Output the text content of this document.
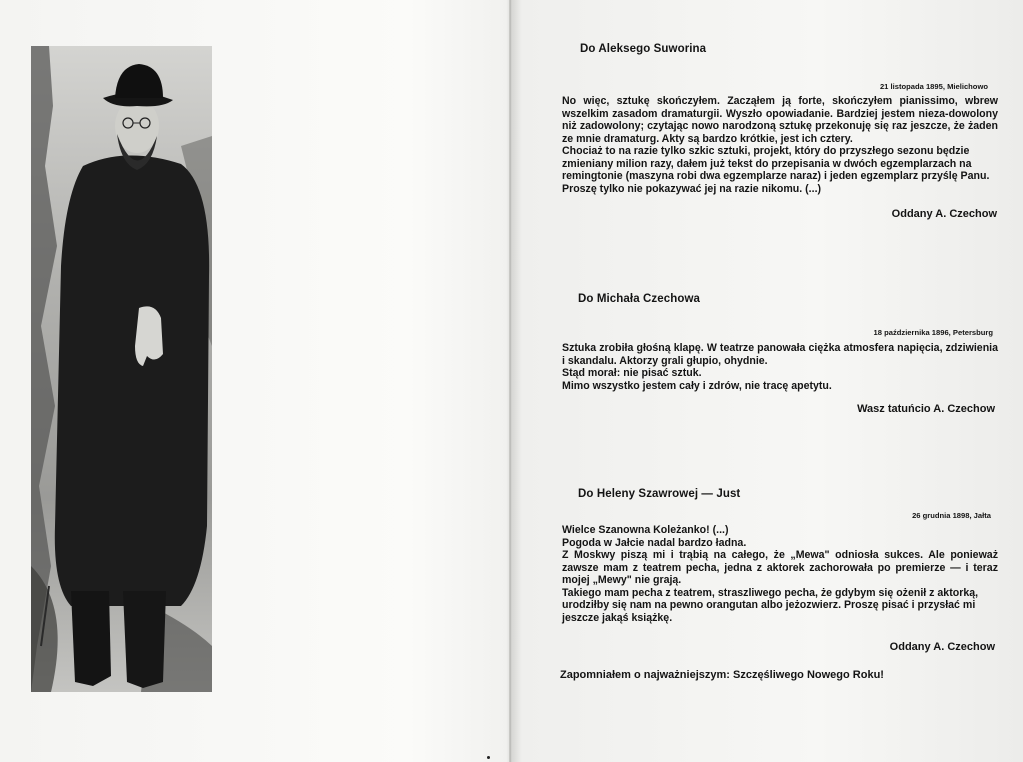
Do Aleksego Suworina
21 listopada 1895, Mielichowo

No więc, sztukę skończyłem. Zacząłem ją forte, skończyłem pianissimo, wbrew wszelkim zasadom dramaturgii. Wyszło opowiadanie. Bardziej jestem nieza-dowolony niż zadowolony; czytając nowo narodzoną sztukę przekonuję się raz jeszcze, że żaden ze mnie dramaturg. Akty są bardzo krótkie, jest ich cztery.

Chociaż to na razie tylko szkic sztuki, projekt, który do przyszłego sezonu będzie zmieniany milion razy, dałem już tekst do przepisania w dwóch egzemplarzach na remingtonie (maszyna robi dwa egzemplarze naraz) i jeden egzemplarz przyślę Panu. Proszę tylko nie pokazywać jej na razie nikomu. (...)

Oddany A. Czechow
Do Michała Czechowa
18 października 1896, Petersburg

Sztuka zrobiła głośną klapę. W teatrze panowała ciężka atmosfera napięcia, zdziwienia i skandalu. Aktorzy grali głupio, ohydnie.

Stąd morał: nie pisać sztuk.

Mimo wszystko jestem cały i zdrów, nie tracę apetytu.

Wasz tatuńcio A. Czechow
Do Heleny Szawrowej — Just
26 grudnia 1898, Jałta

Wielce Szanowna Koleżanko! (...)

Pogoda w Jałcie nadal bardzo ładna.

Z Moskwy piszą mi i trąbią na całego, że „Mewa" odniosła sukces. Ale ponieważ zawsze mam z teatrem pecha, jedna z aktorek zachorowała po premierze — i teraz mojej „Mewy" nie grają.

Takiego mam pecha z teatrem, straszliwego pecha, że gdybym się ożenił z aktorką, urodziłby się nam na pewno orangutan albo jeżozwierz. Proszę pisać i przysłać mi jeszcze jakąś książkę.

Oddany A. Czechow
Zapomniałem o najważniejszym: Szczęśliwego Nowego Roku!
